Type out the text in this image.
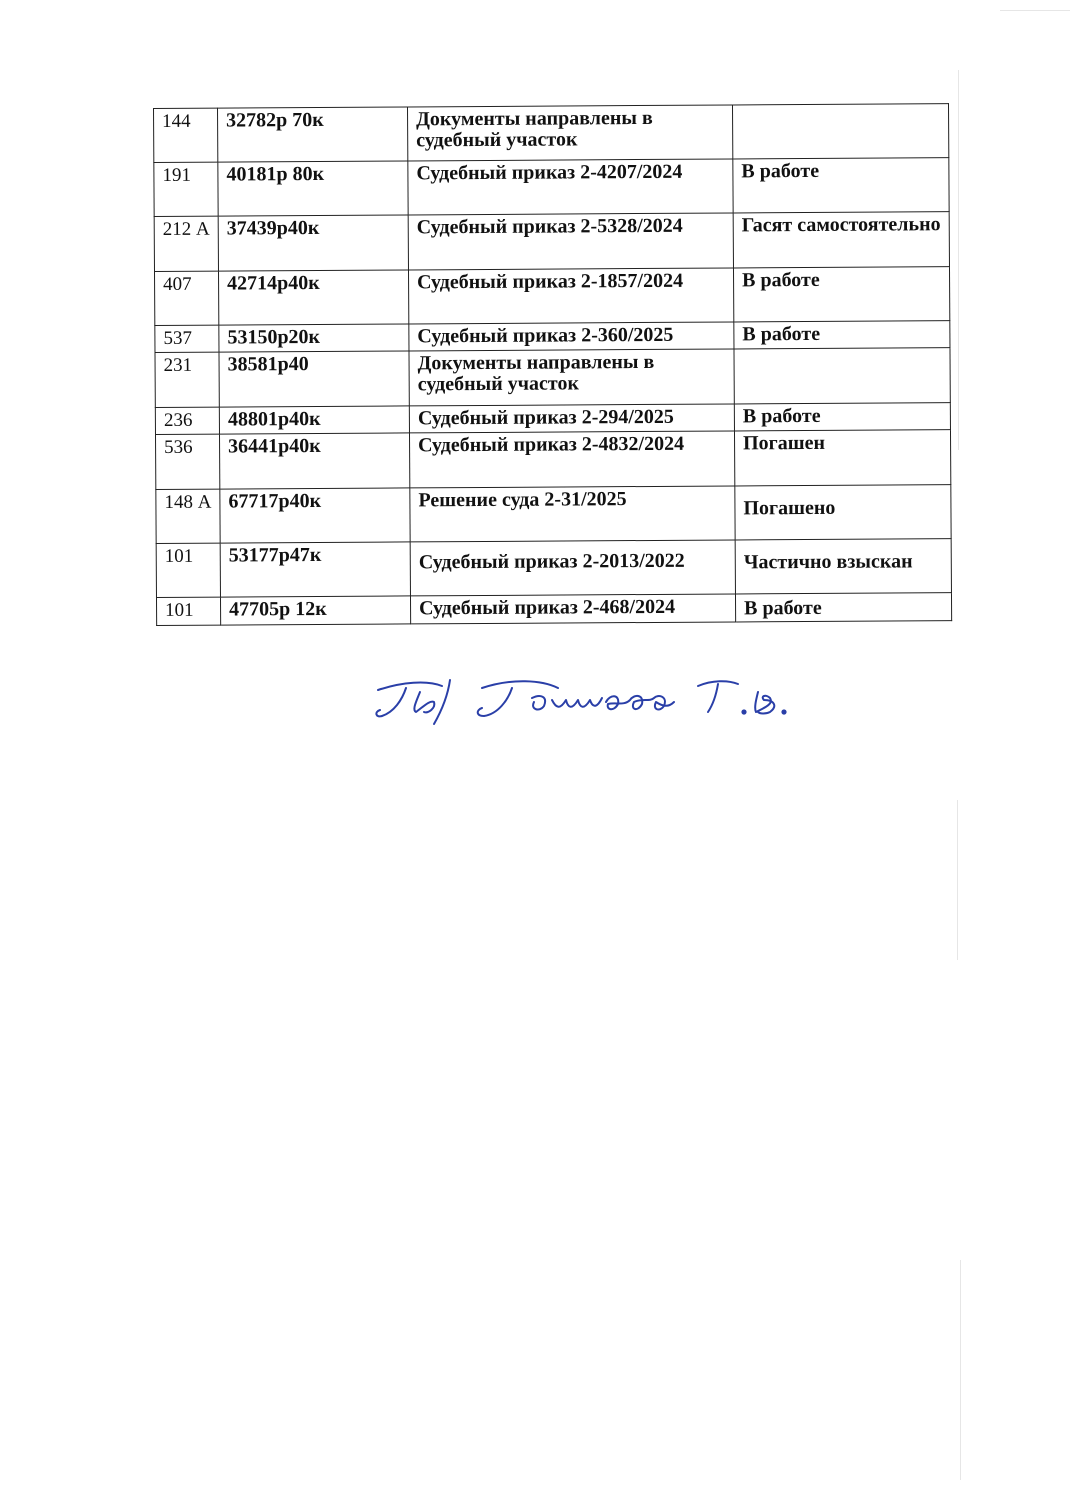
144	32782р 70к	Документы направлены в судебный участок	
191	40181р 80к	Судебный приказ 2-4207/2024	В работе
212 А	37439р40к	Судебный приказ 2-5328/2024	Гасят самостоятельно
407	42714р40к	Судебный приказ 2-1857/2024	В работе
537	53150р20к	Судебный приказ 2-360/2025	В работе
231	38581р40	Документы направлены в судебный участок	
236	48801р40к	Судебный приказ 2-294/2025	В работе
536	36441р40к	Судебный приказ 2-4832/2024	Погашен
148 А	67717р40к	Решение суда 2-31/2025	Погашено
101	53177р47к	Судебный приказ 2-2013/2022	Частично взыскан
101	47705р 12к	Судебный приказ 2-468/2024	В работе
